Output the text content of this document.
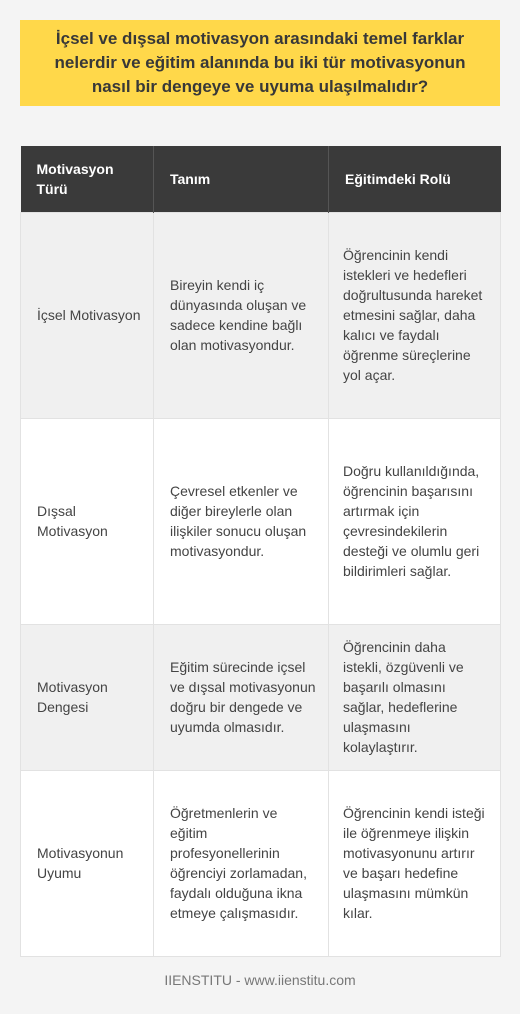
İçsel ve dışsal motivasyon arasındaki temel farklar nelerdir ve eğitim alanında bu iki tür motivasyonun nasıl bir dengeye ve uyuma ulaşılmalıdır?

Motivasyon Türü	Tanım	Eğitimdeki Rolü
İçsel Motivasyon	Bireyin kendi iç dünyasında oluşan ve sadece kendine bağlı olan motivasyondur.	Öğrencinin kendi istekleri ve hedefleri doğrultusunda hareket etmesini sağlar, daha kalıcı ve faydalı öğrenme süreçlerine yol açar.
Dışsal Motivasyon	Çevresel etkenler ve diğer bireylerle olan ilişkiler sonucu oluşan motivasyondur.	Doğru kullanıldığında, öğrencinin başarısını artırmak için çevresindekilerin desteği ve olumlu geri bildirimleri sağlar.
Motivasyon Dengesi	Eğitim sürecinde içsel ve dışsal motivasyonun doğru bir dengede ve uyumda olmasıdır.	Öğrencinin daha istekli, özgüvenli ve başarılı olmasını sağlar, hedeflerine ulaşmasını kolaylaştırır.
Motivasyonun Uyumu	Öğretmenlerin ve eğitim profesyonellerinin öğrenciyi zorlamadan, faydalı olduğuna ikna etmeye çalışmasıdır.	Öğrencinin kendi isteği ile öğrenmeye ilişkin motivasyonunu artırır ve başarı hedefine ulaşmasını mümkün kılar.
IIENSTITU - www.iienstitu.com
